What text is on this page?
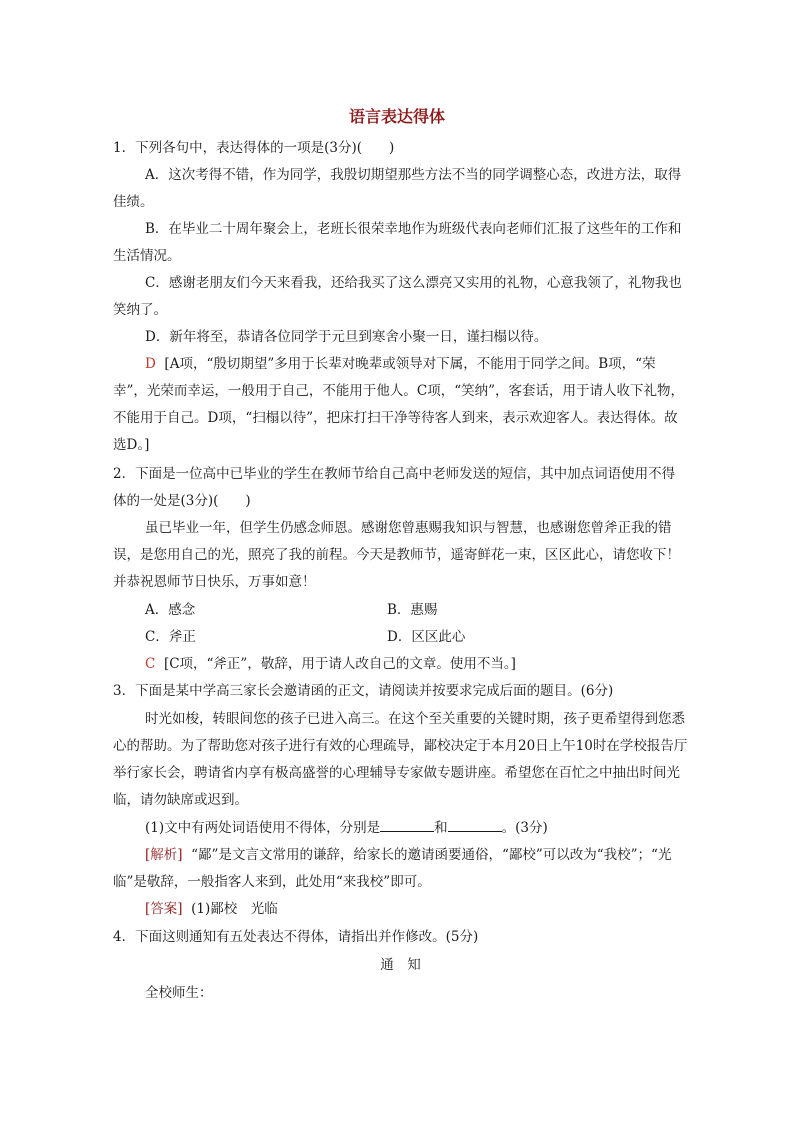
语言表达得体
1．下列各句中，表达得体的一项是(3分)(　　)
A．这次考得不错，作为同学，我殷切期望那些方法不当的同学调整心态，改进方法，取得佳绩。
B．在毕业二十周年聚会上，老班长很荣幸地作为班级代表向老师们汇报了这些年的工作和生活情况。
C．感谢老朋友们今天来看我，还给我买了这么漂亮又实用的礼物，心意我领了，礼物我也笑纳了。
D．新年将至，恭请各位同学于元旦到寒舍小聚一日，谨扫榻以待。
D [A项，“殷切期望”多用于长辈对晚辈或领导对下属，不能用于同学之间。B项，“荣幸”，光荣而幸运，一般用于自己，不能用于他人。C项，“笑纳”，客套话，用于请人收下礼物，不能用于自己。D项，“扫榻以待”，把床打扫干净等待客人到来，表示欢迎客人。表达得体。故选D。]
2．下面是一位高中已毕业的学生在教师节给自己高中老师发送的短信，其中加点词语使用不得体的一处是(3分)(　　)
虽已毕业一年，但学生仍感念师恩。感谢您曾惠赐我知识与智慧，也感谢您曾斧正我的错误，是您用自己的光，照亮了我的前程。今天是教师节，遥寄鲜花一束，区区此心，请您收下！并恭祝恩师节日快乐，万事如意！
A．感念	B．惠赐
C．斧正	D．区区此心
C [C项，“斧正”，敬辞，用于请人改自己的文章。使用不当。]
3．下面是某中学高三家长会邀请函的正文，请阅读并按要求完成后面的题目。(6分)
时光如梭，转眼间您的孩子已进入高三。在这个至关重要的关键时期，孩子更希望得到您悉心的帮助。为了帮助您对孩子进行有效的心理疏导，鄙校决定于本月20日上午10时在学校报告厅举行家长会，聘请省内享有极高盛誉的心理辅导专家做专题讲座。希望您在百忙之中抽出时间光临，请勿缺席或迟到。
(1)文中有两处词语使用不得体，分别是	和	。(3分)
[解析] “鄙”是文言文常用的谦辞，给家长的邀请函要通俗，“鄙校”可以改为“我校”；“光临”是敬辞，一般指客人来到，此处用“来我校”即可。
[答案] (1)鄙校　光临
4．下面这则通知有五处表达不得体，请指出并作修改。(5分)
通　知
全校师生：
